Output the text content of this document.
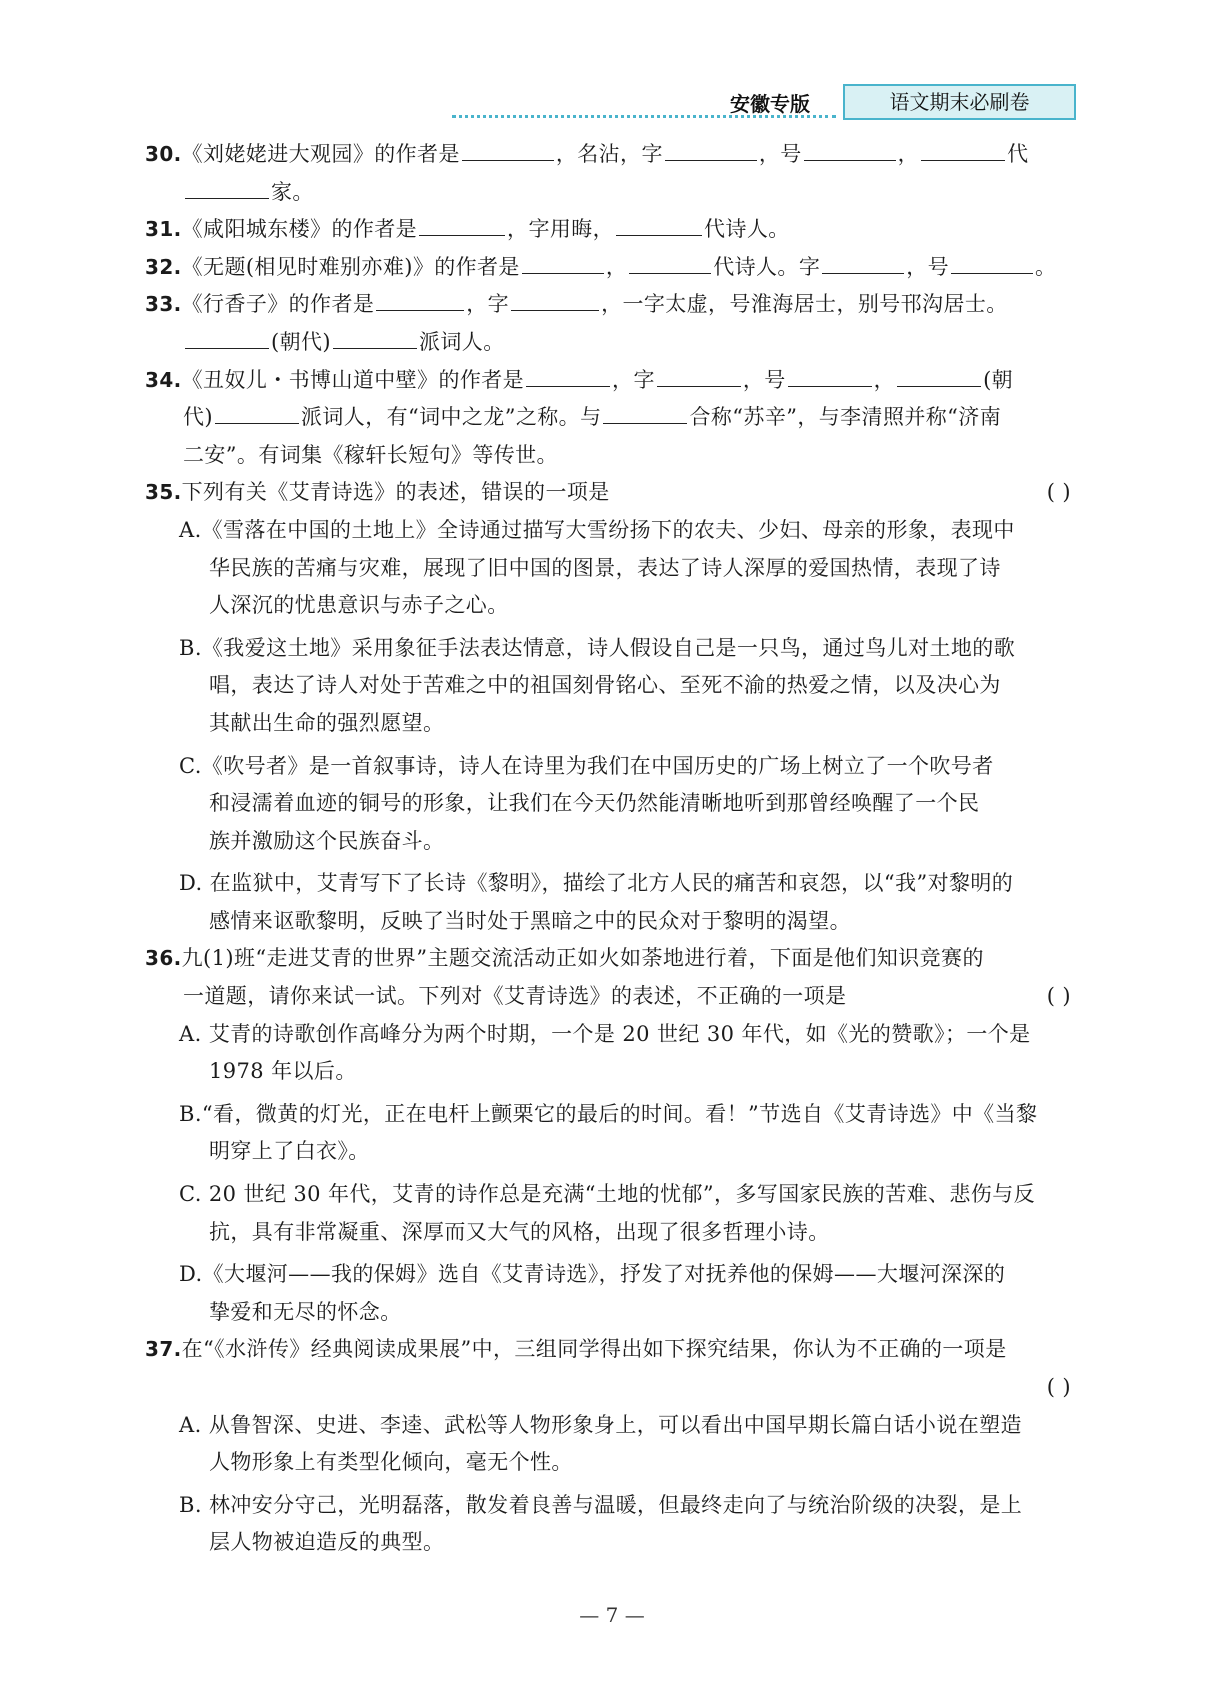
安徽专版	语文期末必刷卷
30. 《刘姥姥进大观园》的作者是	，名沾，字	，号	，	代
家。
31. 《咸阳城东楼》的作者是	，字用晦，	代诗人。
32. 《无题(相见时难别亦难)》的作者是	，	代诗人。字	，号	。
33. 《行香子》的作者是	，字	，一字太虚，号淮海居士，别号邗沟居士。
(朝代)	派词人。
34. 《丑奴儿・书博山道中壁》的作者是	，字	，号	，	(朝
代)	派词人，有“词中之龙”之称。与	合称“苏辛”，与李清照并称“济南
二安”。有词集《稼轩长短句》等传世。
35. 下列有关《艾青诗选》的表述，错误的一项是	( )
A.《雪落在中国的土地上》全诗通过描写大雪纷扬下的农夫、少妇、母亲的形象，表现中
华民族的苦痛与灾难，展现了旧中国的图景，表达了诗人深厚的爱国热情，表现了诗
人深沉的忧患意识与赤子之心。
B.《我爱这土地》采用象征手法表达情意，诗人假设自己是一只鸟，通过鸟儿对土地的歌
唱，表达了诗人对处于苦难之中的祖国刻骨铭心、至死不渝的热爱之情，以及决心为
其献出生命的强烈愿望。
C.《吹号者》是一首叙事诗，诗人在诗里为我们在中国历史的广场上树立了一个吹号者
和浸濡着血迹的铜号的形象，让我们在今天仍然能清晰地听到那曾经唤醒了一个民
族并激励这个民族奋斗。
D. 在监狱中，艾青写下了长诗《黎明》，描绘了北方人民的痛苦和哀怨，以“我”对黎明的
感情来讴歌黎明，反映了当时处于黑暗之中的民众对于黎明的渴望。
36. 九(1)班“走进艾青的世界”主题交流活动正如火如荼地进行着，下面是他们知识竞赛的
一道题，请你来试一试。下列对《艾青诗选》的表述，不正确的一项是	( )
A. 艾青的诗歌创作高峰分为两个时期，一个是 20 世纪 30 年代，如《光的赞歌》；一个是
1978 年以后。
B.“看，微黄的灯光，正在电杆上颤栗它的最后的时间。看！”节选自《艾青诗选》中《当黎
明穿上了白衣》。
C. 20 世纪 30 年代，艾青的诗作总是充满“土地的忧郁”，多写国家民族的苦难、悲伤与反
抗，具有非常凝重、深厚而又大气的风格，出现了很多哲理小诗。
D.《大堰河——我的保姆》选自《艾青诗选》，抒发了对抚养他的保姆——大堰河深深的
挚爱和无尽的怀念。
37. 在“《水浒传》经典阅读成果展”中，三组同学得出如下探究结果，你认为不正确的一项是
( )
A. 从鲁智深、史进、李逵、武松等人物形象身上，可以看出中国早期长篇白话小说在塑造
人物形象上有类型化倾向，毫无个性。
B. 林冲安分守己，光明磊落，散发着良善与温暖，但最终走向了与统治阶级的决裂，是上
层人物被迫造反的典型。
— 7 —
